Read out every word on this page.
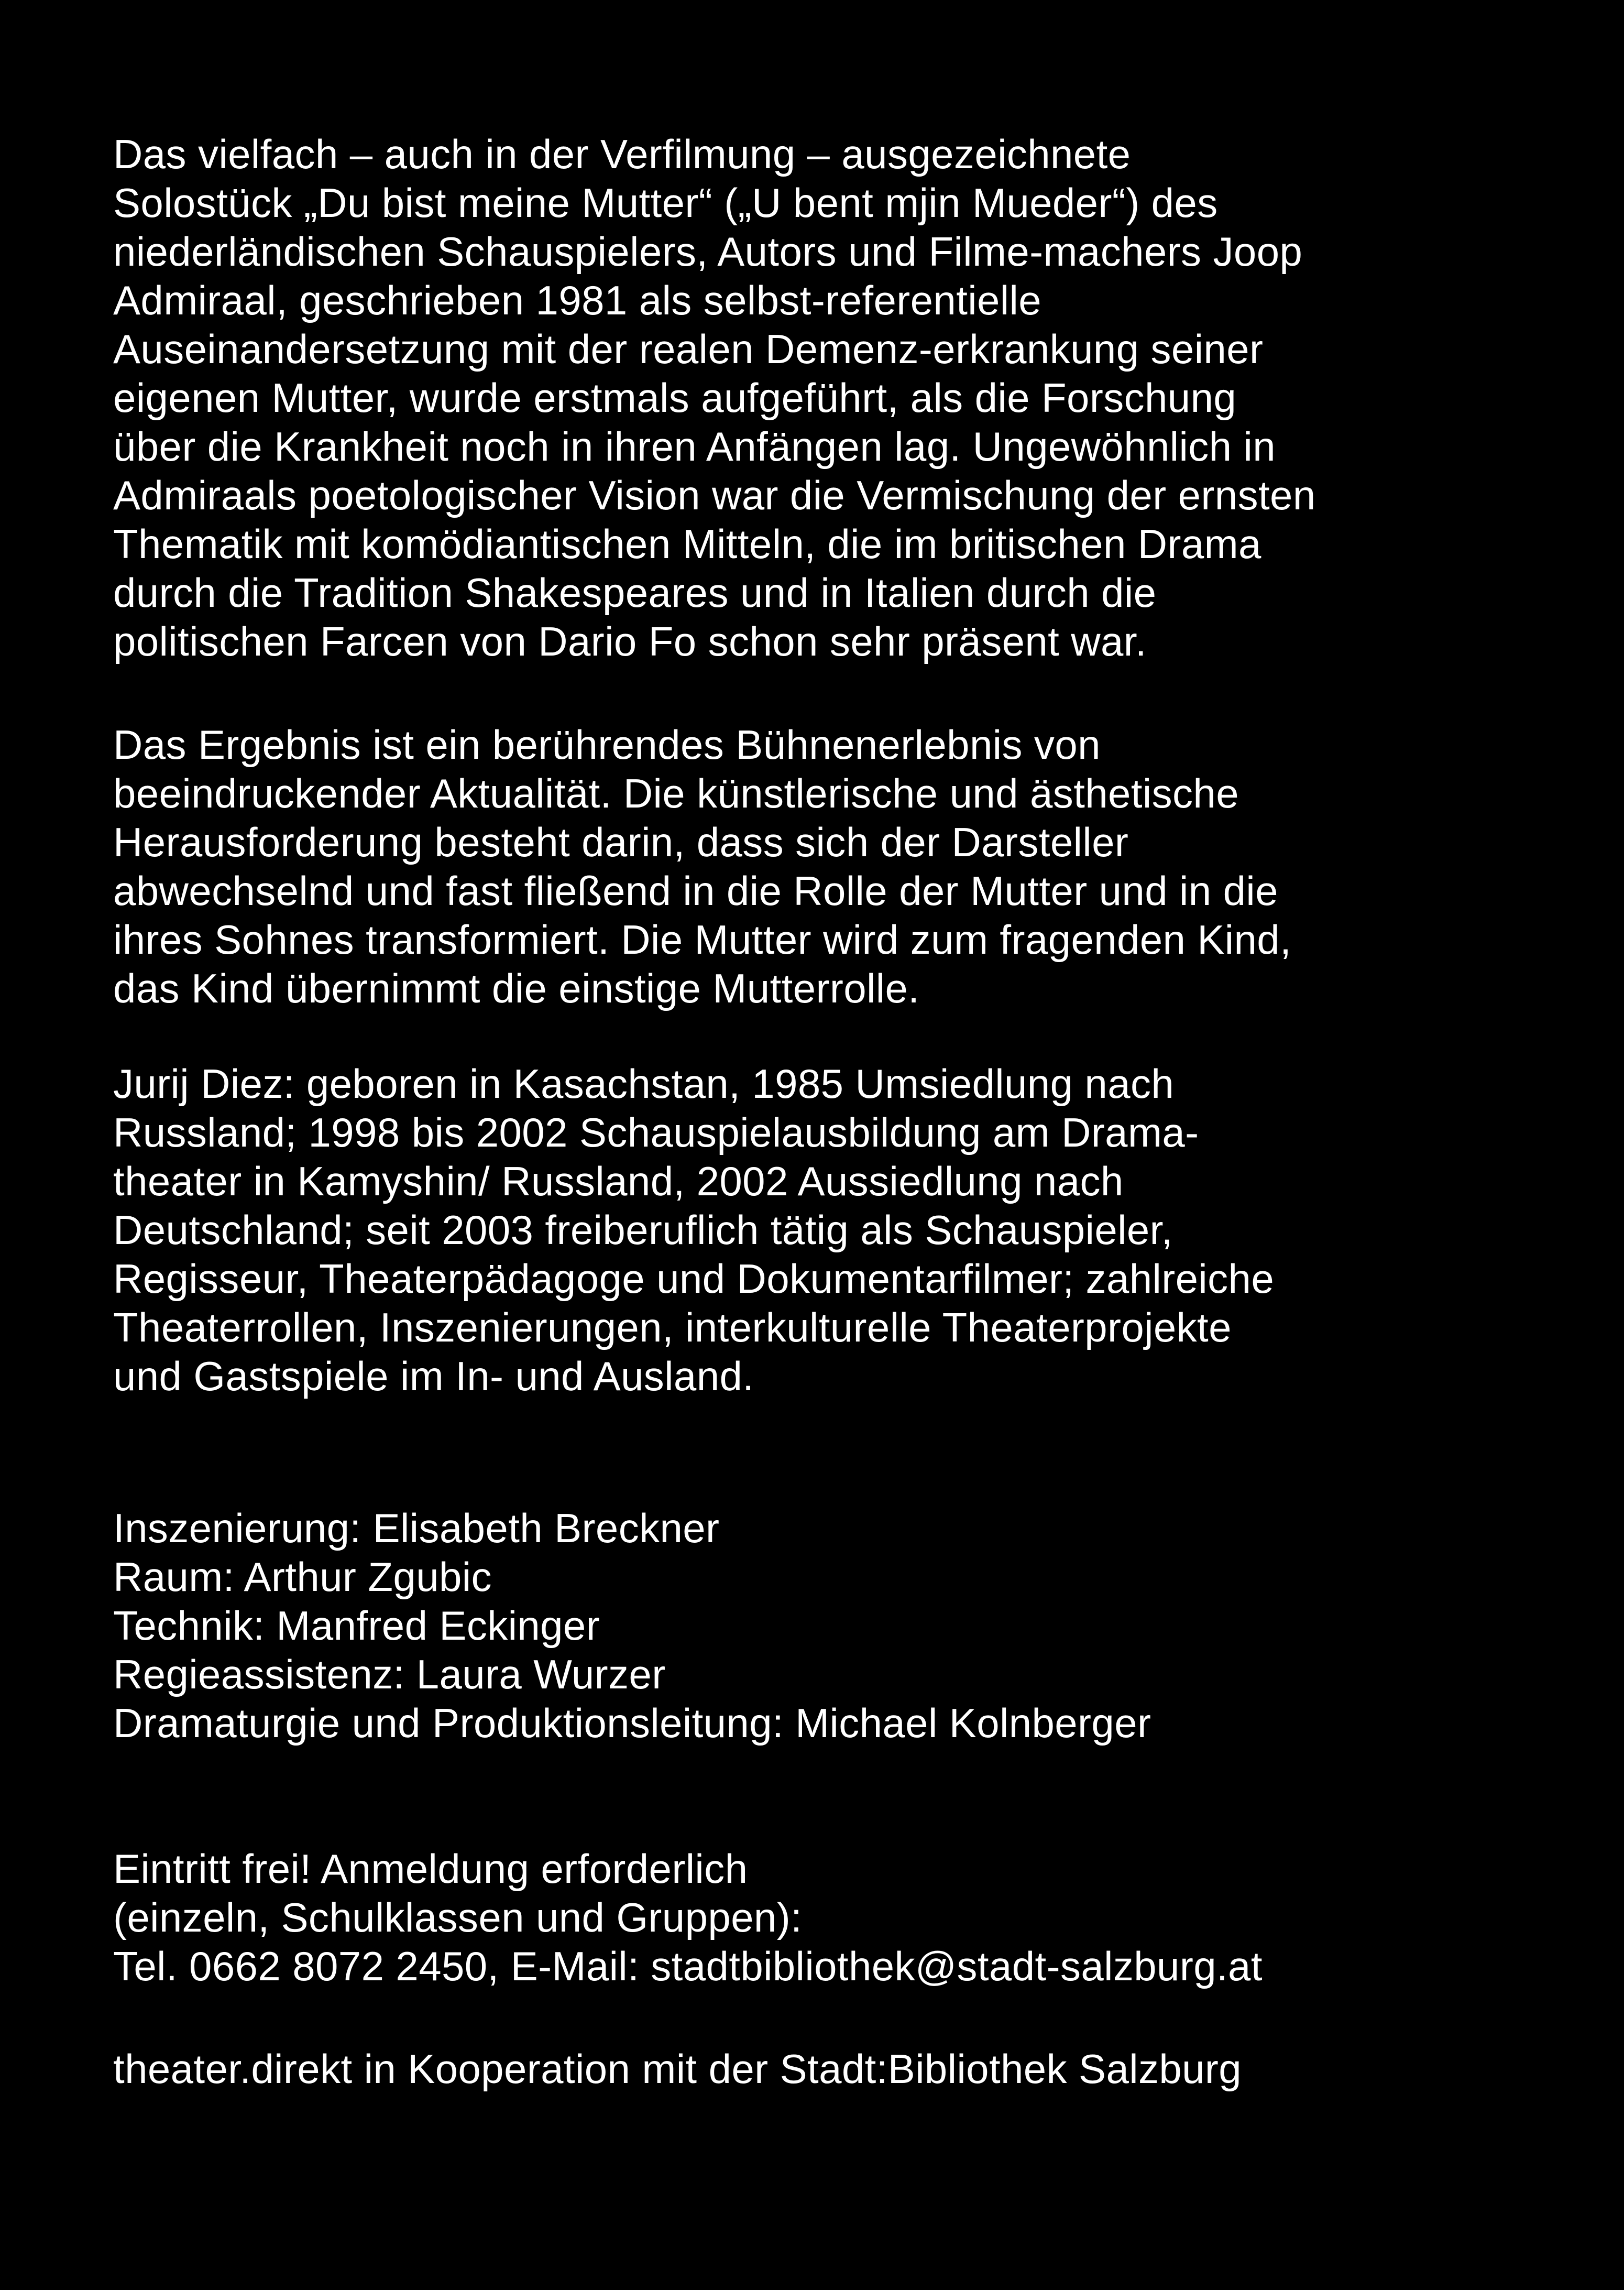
Das vielfach – auch in der Verfilmung – ausgezeichnete
Solostück „Du bist meine Mutter“ („U bent mjin Mueder“) des
niederländischen Schauspielers, Autors und Filme-machers Joop
Admiraal, geschrieben 1981 als selbst-referentielle
Auseinandersetzung mit der realen Demenz-erkrankung seiner
eigenen Mutter, wurde erstmals aufgeführt, als die Forschung
über die Krankheit noch in ihren Anfängen lag. Ungewöhnlich in
Admiraals poetologischer Vision war die Vermischung der ernsten
Thematik mit komödiantischen Mitteln, die im britischen Drama
durch die Tradition Shakespeares und in Italien durch die
politischen Farcen von Dario Fo schon sehr präsent war.
Das Ergebnis ist ein berührendes Bühnenerlebnis von
beeindruckender Aktualität. Die künstlerische und ästhetische
Herausforderung besteht darin, dass sich der Darsteller
abwechselnd und fast fließend in die Rolle der Mutter und in die
ihres Sohnes transformiert. Die Mutter wird zum fragenden Kind,
das Kind übernimmt die einstige Mutterrolle.
Jurij Diez: geboren in Kasachstan, 1985 Umsiedlung nach
Russland; 1998 bis 2002 Schauspielausbildung am Drama-
theater in Kamyshin/ Russland, 2002 Aussiedlung nach
Deutschland; seit 2003 freiberuflich tätig als Schauspieler,
Regisseur, Theaterpädagoge und Dokumentarfilmer; zahlreiche
Theaterrollen, Inszenierungen, interkulturelle Theaterprojekte
und Gastspiele im In- und Ausland.
Inszenierung: Elisabeth Breckner
Raum: Arthur Zgubic
Technik: Manfred Eckinger
Regieassistenz: Laura Wurzer
Dramaturgie und Produktionsleitung: Michael Kolnberger
Eintritt frei! Anmeldung erforderlich
(einzeln, Schulklassen und Gruppen):
Tel. 0662 8072 2450, E-Mail: stadtbibliothek@stadt-salzburg.at
theater.direkt in Kooperation mit der Stadt:Bibliothek Salzburg
